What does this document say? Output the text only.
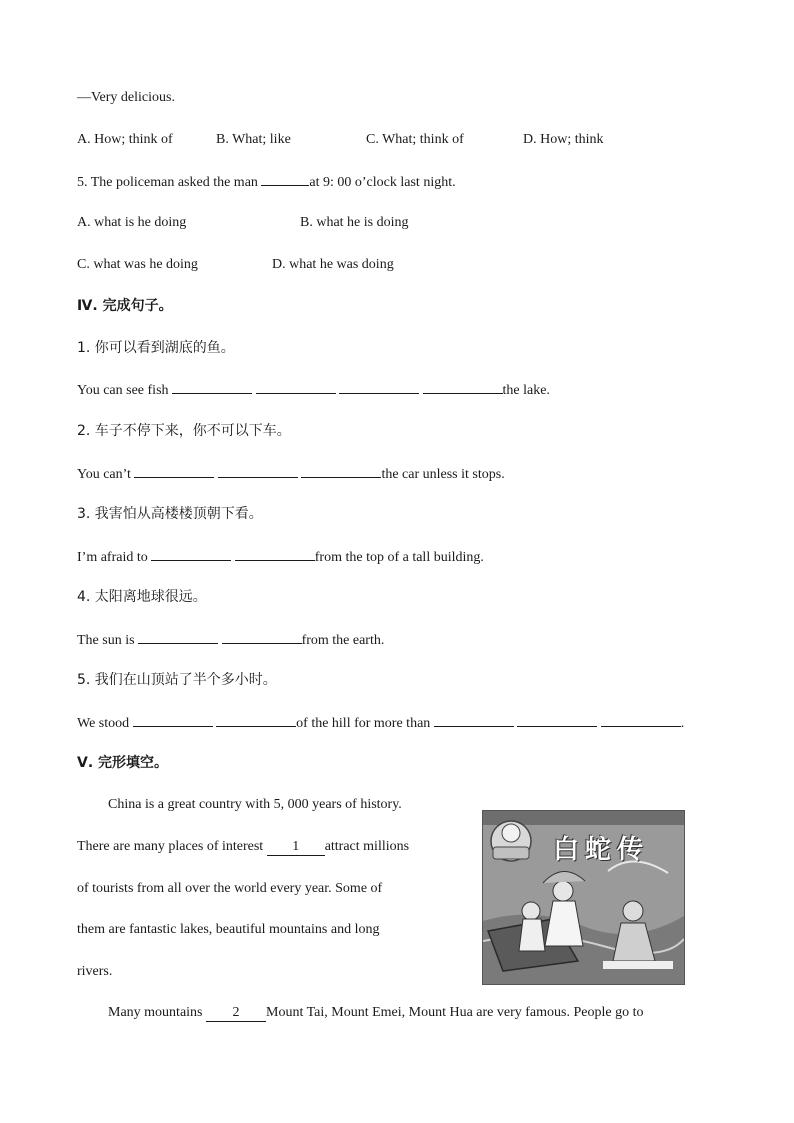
—Very delicious.
A. How; think of	B. What; like	C. What; think of	D. How; think
5. The policeman asked the man	at 9: 00 o’clock last night.
A. what is he doing	B. what he is doing
C. what was he doing	D. what he was doing
Ⅳ. 完成句子。
1. 你可以看到湖底的鱼。
You can see fish	the lake.
2. 车子不停下来，你不可以下车。
You can’t	the car unless it stops.
3. 我害怕从高楼楼顶朝下看。
I’m afraid to	from the top of a tall building.
4. 太阳离地球很远。
The sun is	from the earth.
5. 我们在山顶站了半个多小时。
We stood	of the hill for more than	.
Ⅴ. 完形填空。
China is a great country with 5, 000 years of history.
There are many places of interest 1 attract millions
of tourists from all over the world every year. Some of
them are fantastic lakes, beautiful mountains and long
rivers.
白蛇传
Many mountains 2 Mount Tai, Mount Emei, Mount Hua are very famous. People go to
